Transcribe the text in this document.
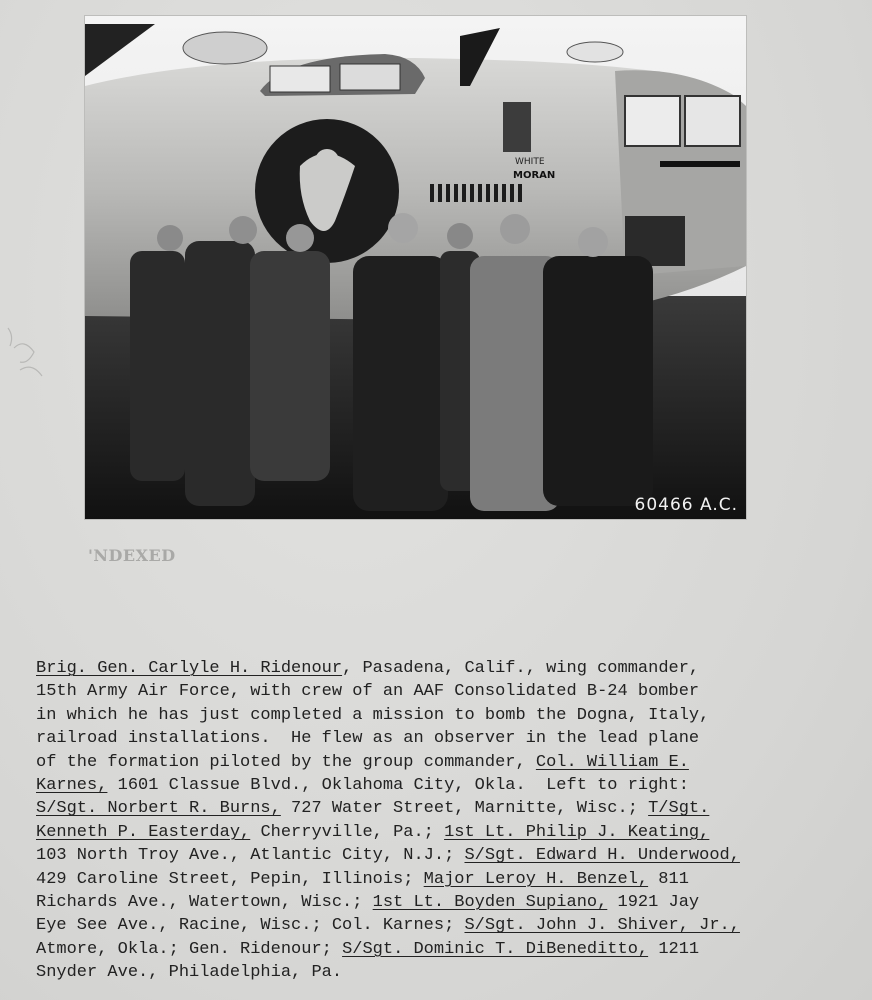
WHITE
MORAN
60466 A.C.
'NDEXED
Brig. Gen. Carlyle H. Ridenour, Pasadena, Calif., wing commander,
15th Army Air Force, with crew of an AAF Consolidated B-24 bomber
in which he has just completed a mission to bomb the Dogna, Italy,
railroad installations.  He flew as an observer in the lead plane
of the formation piloted by the group commander, Col. William E.
Karnes, 1601 Classue Blvd., Oklahoma City, Okla.  Left to right:
S/Sgt. Norbert R. Burns, 727 Water Street, Marnitte, Wisc.; T/Sgt.
Kenneth P. Easterday, Cherryville, Pa.; 1st Lt. Philip J. Keating,
103 North Troy Ave., Atlantic City, N.J.; S/Sgt. Edward H. Underwood,
429 Caroline Street, Pepin, Illinois; Major Leroy H. Benzel, 811
Richards Ave., Watertown, Wisc.; 1st Lt. Boyden Supiano, 1921 Jay
Eye See Ave., Racine, Wisc.; Col. Karnes; S/Sgt. John J. Shiver, Jr.,
Atmore, Okla.; Gen. Ridenour; S/Sgt. Dominic T. DiBeneditto, 1211
Snyder Ave., Philadelphia, Pa.
